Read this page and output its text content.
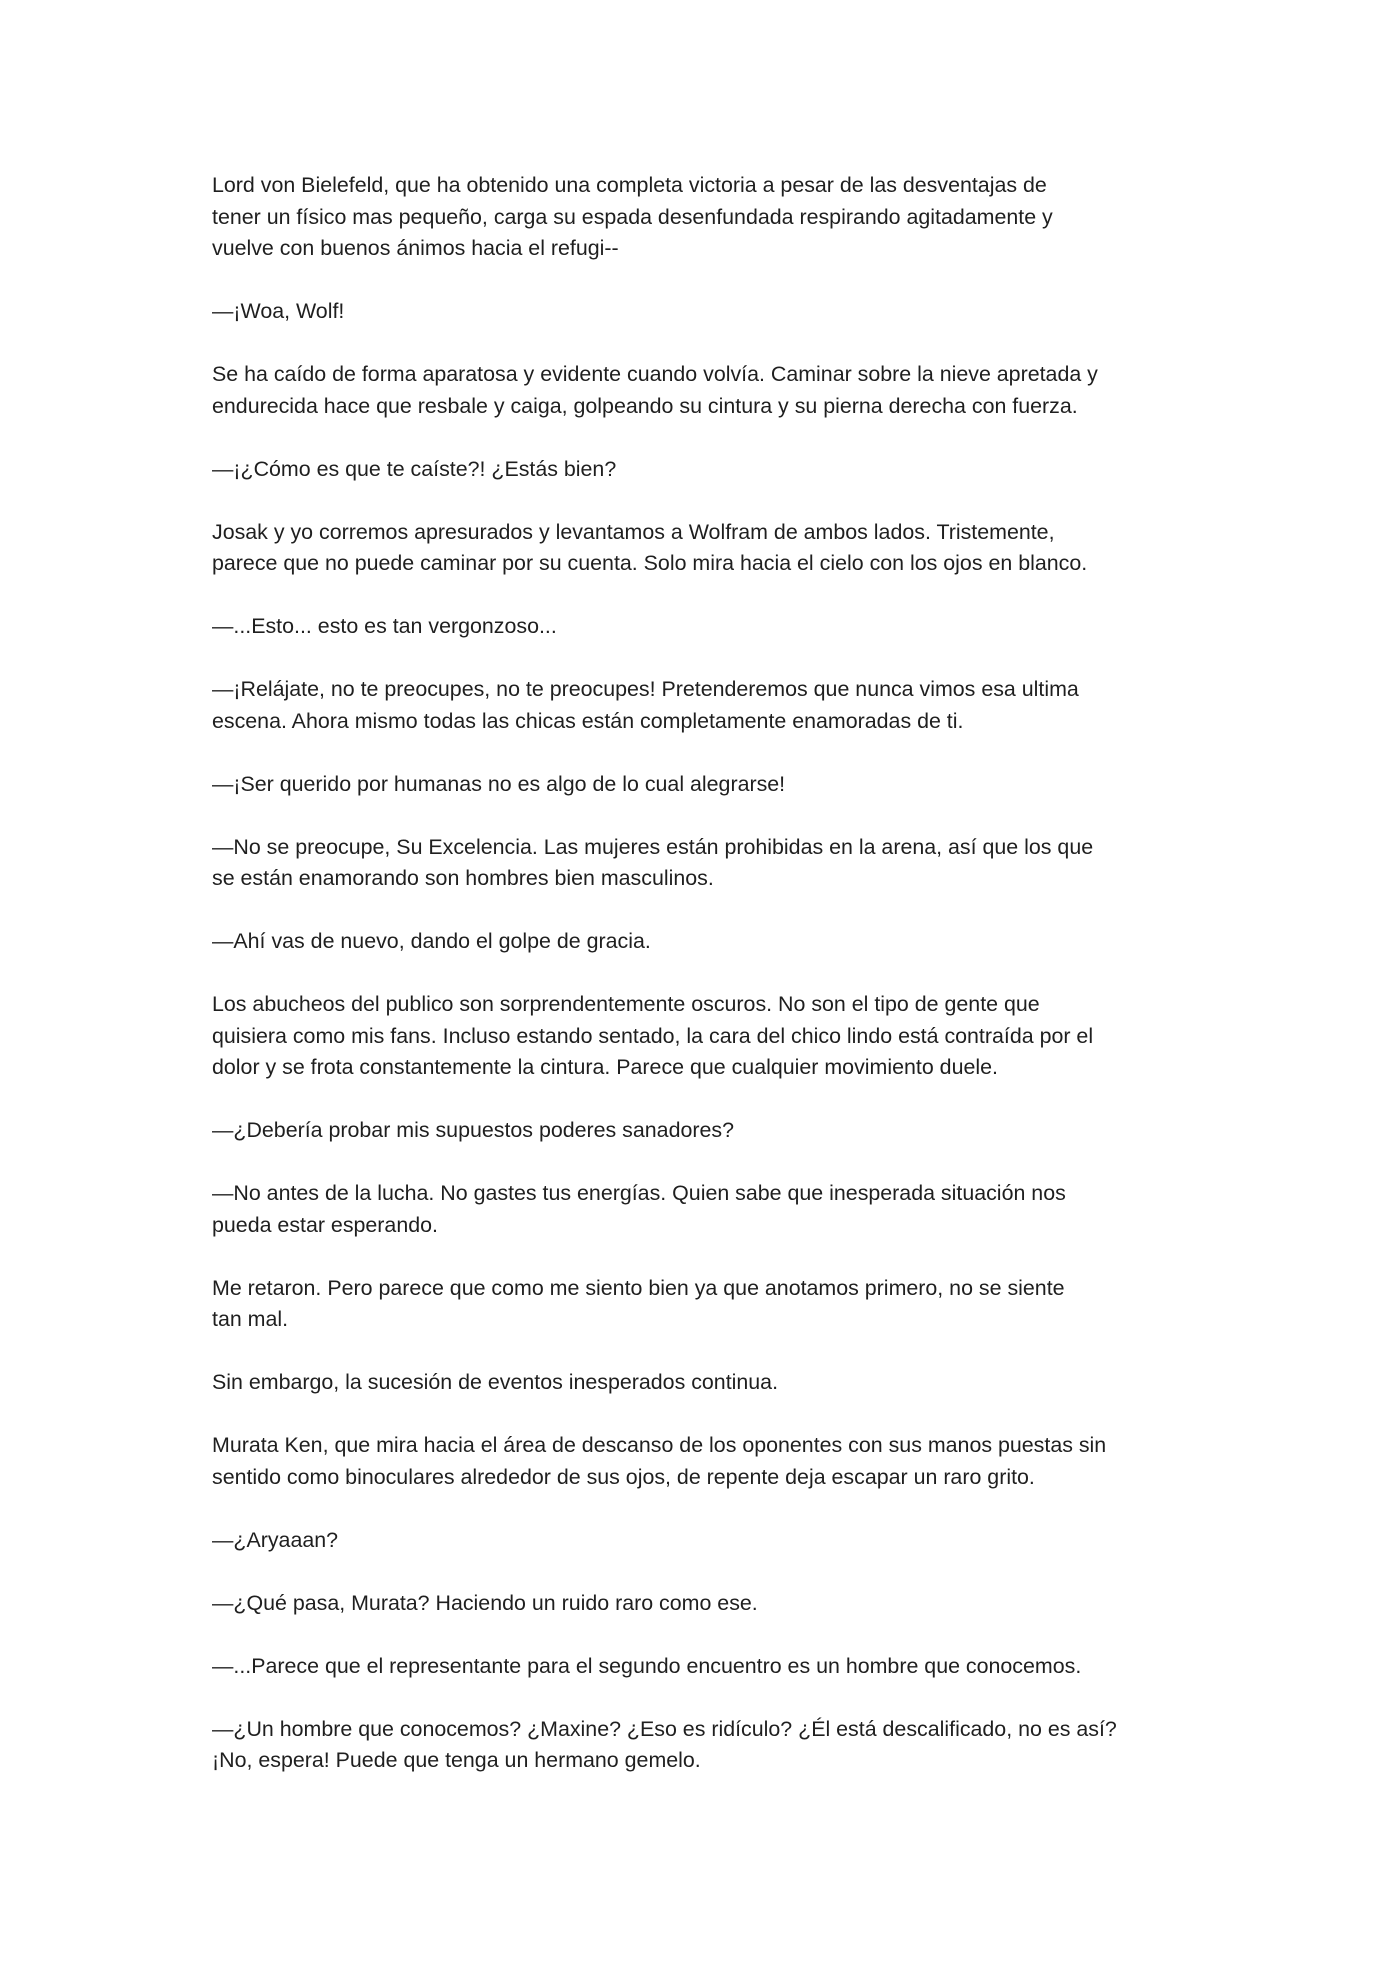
Lord von Bielefeld, que ha obtenido una completa victoria a pesar de las desventajas de
tener un físico mas pequeño, carga su espada desenfundada respirando agitadamente y
vuelve con buenos ánimos hacia el refugi--
—¡Woa, Wolf!
Se ha caído de forma aparatosa y evidente cuando volvía. Caminar sobre la nieve apretada y
endurecida hace que resbale y caiga, golpeando su cintura y su pierna derecha con fuerza.
—¡¿Cómo es que te caíste?! ¿Estás bien?
Josak y yo corremos apresurados y levantamos a Wolfram de ambos lados. Tristemente,
parece que no puede caminar por su cuenta. Solo mira hacia el cielo con los ojos en blanco.
—...Esto... esto es tan vergonzoso...
—¡Relájate, no te preocupes, no te preocupes! Pretenderemos que nunca vimos esa ultima
escena. Ahora mismo todas las chicas están completamente enamoradas de ti.
—¡Ser querido por humanas no es algo de lo cual alegrarse!
—No se preocupe, Su Excelencia. Las mujeres están prohibidas en la arena, así que los que
se están enamorando son hombres bien masculinos.
—Ahí vas de nuevo, dando el golpe de gracia.
Los abucheos del publico son sorprendentemente oscuros. No son el tipo de gente que
quisiera como mis fans. Incluso estando sentado, la cara del chico lindo está contraída por el
dolor y se frota constantemente la cintura. Parece que cualquier movimiento duele.
—¿Debería probar mis supuestos poderes sanadores?
—No antes de la lucha. No gastes tus energías. Quien sabe que inesperada situación nos
pueda estar esperando.
Me retaron. Pero parece que como me siento bien ya que anotamos primero, no se siente
tan mal.
Sin embargo, la sucesión de eventos inesperados continua.
Murata Ken, que mira hacia el área de descanso de los oponentes con sus manos puestas sin
sentido como binoculares alrededor de sus ojos, de repente deja escapar un raro grito.
—¿Aryaaan?
—¿Qué pasa, Murata? Haciendo un ruido raro como ese.
—...Parece que el representante para el segundo encuentro es un hombre que conocemos.
—¿Un hombre que conocemos? ¿Maxine? ¿Eso es ridículo? ¿Él está descalificado, no es así?
¡No, espera! Puede que tenga un hermano gemelo.
